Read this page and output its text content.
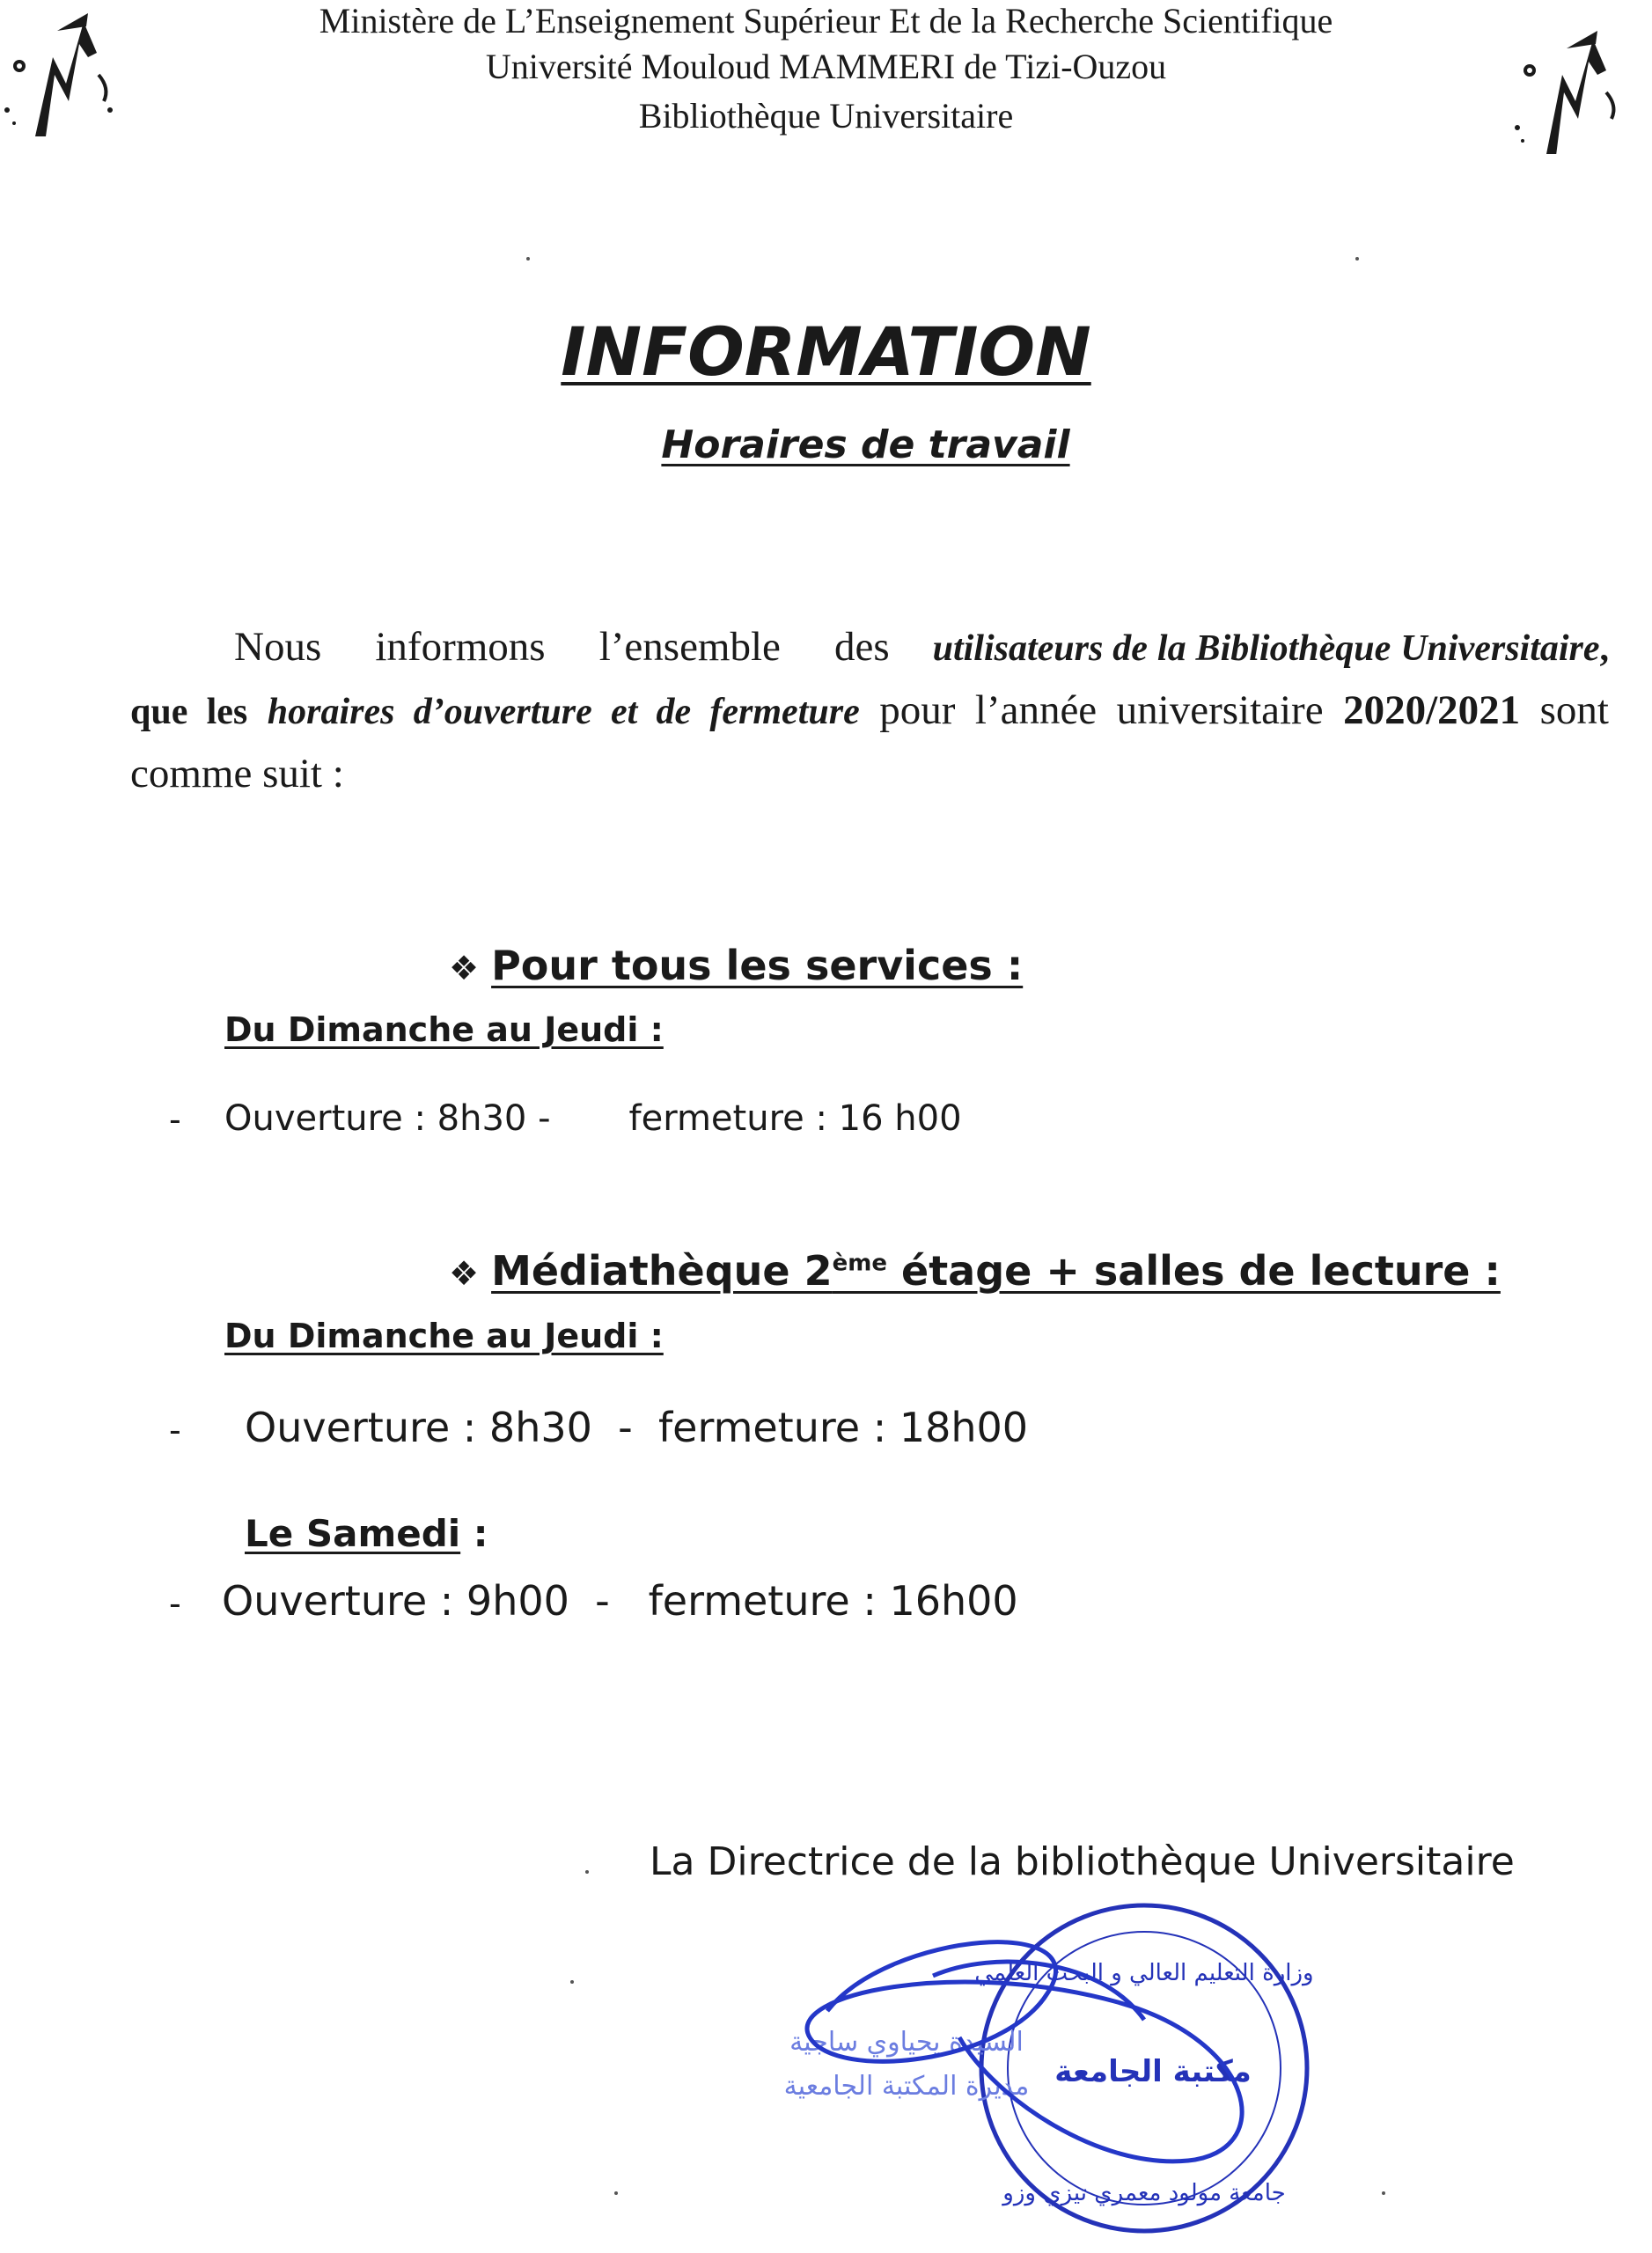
Ministère de L’Enseignement Supérieur Et de la Recherche Scientifique
Université Mouloud MAMMERI de Tizi-Ouzou
Bibliothèque Universitaire
INFORMATION
Horaires de travail
Nous informons l’ensemble des utilisateurs de la Bibliothèque Universitaire, que les horaires d’ouverture et de fermeture pour l’année universitaire 2020/2021 sont comme suit :
❖ Pour tous les services :
Du Dimanche au Jeudi :
- Ouverture : 8h30 -       fermeture : 16 h00
❖ Médiathèque 2ème étage + salles de lecture :
Du Dimanche au Jeudi :
- Ouverture : 8h30  -  fermeture : 18h00
Le Samedi :
- Ouverture : 9h00  -   fermeture : 16h00
La Directrice de la bibliothèque Universitaire
وزارة التعليم العالي و البحث العلمي
مكتبة الجامعة
جامعة مولود معمري تيزي وزو
السيدة يحياوي ساجية
مديرة المكتبة الجامعية
